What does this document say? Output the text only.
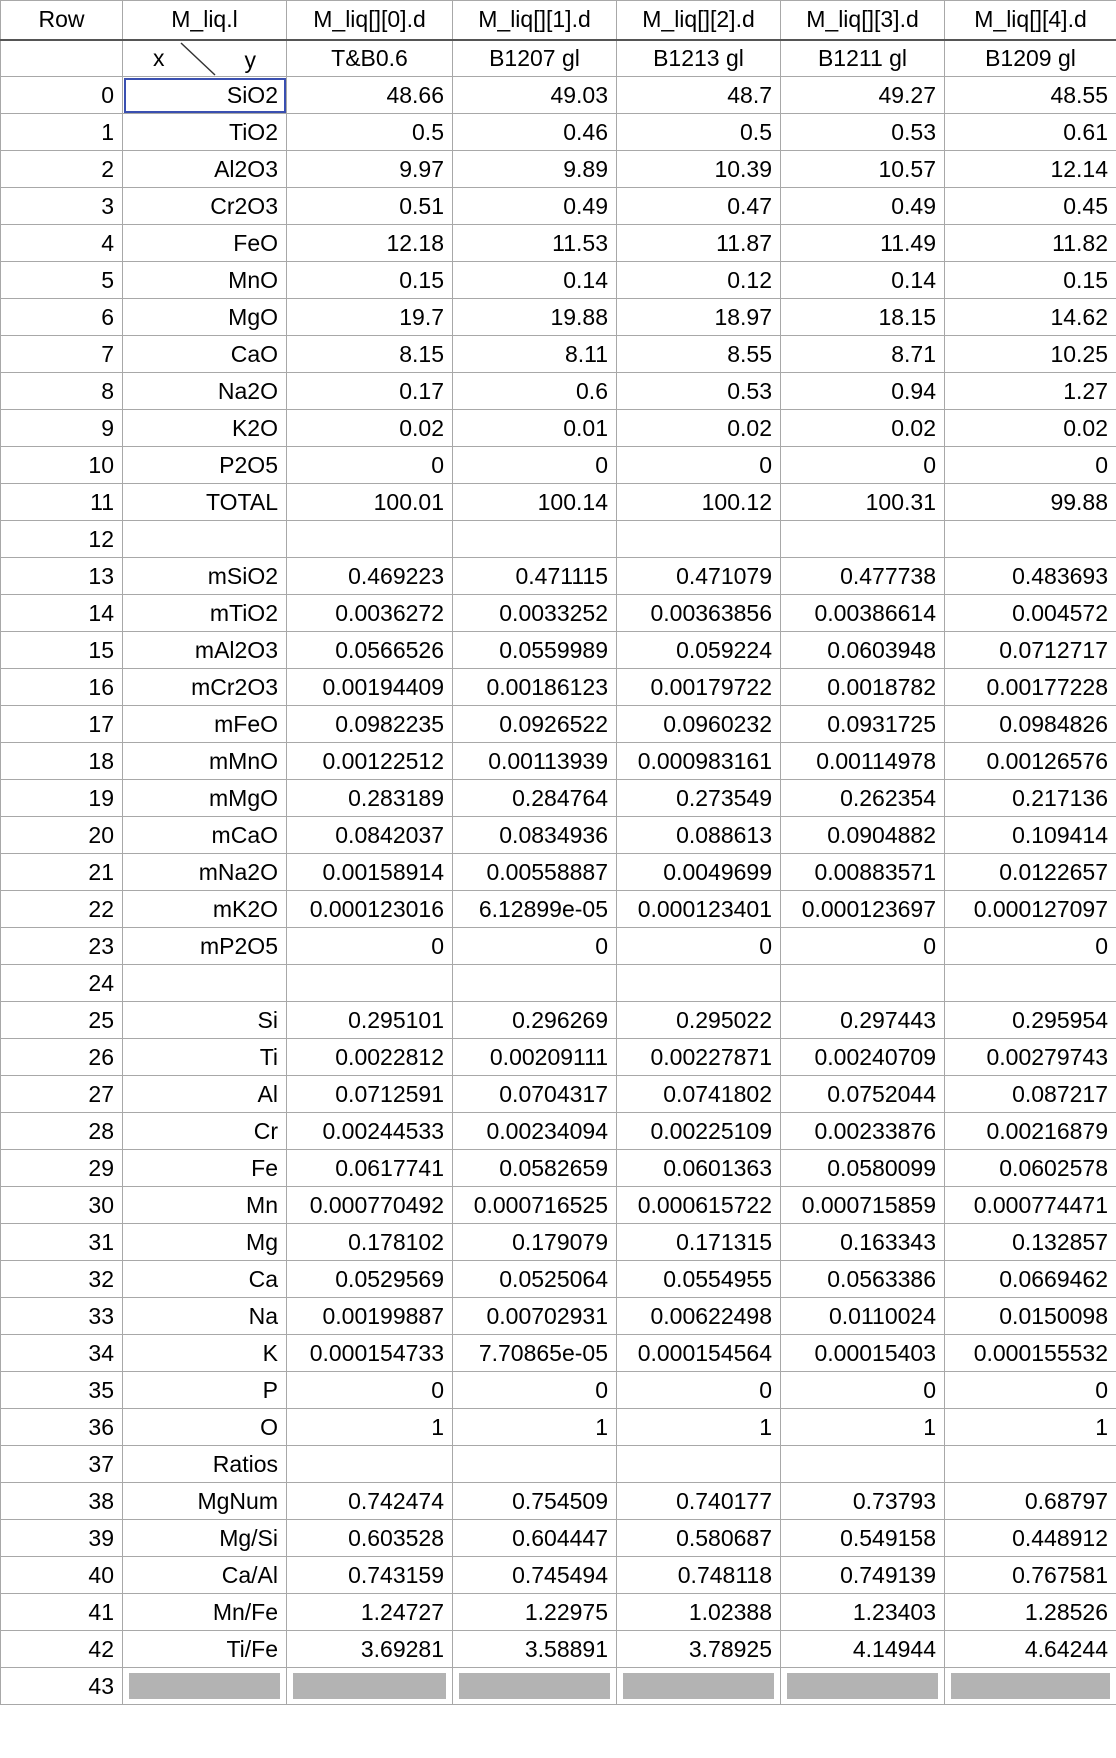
Row	M_liq.l	M_liq[][0].d	M_liq[][1].d	M_liq[][2].d	M_liq[][3].d	M_liq[][4].d

	x y	T&B0.6	B1207 gl	B1213 gl	B1211 gl	B1209 gl
0	SiO2	48.66	49.03	48.7	49.27	48.55
1	TiO2	0.5	0.46	0.5	0.53	0.61
2	Al2O3	9.97	9.89	10.39	10.57	12.14
3	Cr2O3	0.51	0.49	0.47	0.49	0.45
4	FeO	12.18	11.53	11.87	11.49	11.82
5	MnO	0.15	0.14	0.12	0.14	0.15
6	MgO	19.7	19.88	18.97	18.15	14.62
7	CaO	8.15	8.11	8.55	8.71	10.25
8	Na2O	0.17	0.6	0.53	0.94	1.27
9	K2O	0.02	0.01	0.02	0.02	0.02
10	P2O5	0	0	0	0	0
11	TOTAL	100.01	100.14	100.12	100.31	99.88
12						
13	mSiO2	0.469223	0.471115	0.471079	0.477738	0.483693
14	mTiO2	0.0036272	0.0033252	0.00363856	0.00386614	0.004572
15	mAl2O3	0.0566526	0.0559989	0.059224	0.0603948	0.0712717
16	mCr2O3	0.00194409	0.00186123	0.00179722	0.0018782	0.00177228
17	mFeO	0.0982235	0.0926522	0.0960232	0.0931725	0.0984826
18	mMnO	0.00122512	0.00113939	0.000983161	0.00114978	0.00126576
19	mMgO	0.283189	0.284764	0.273549	0.262354	0.217136
20	mCaO	0.0842037	0.0834936	0.088613	0.0904882	0.109414
21	mNa2O	0.00158914	0.00558887	0.0049699	0.00883571	0.0122657
22	mK2O	0.000123016	6.12899e-05	0.000123401	0.000123697	0.000127097
23	mP2O5	0	0	0	0	0
24						
25	Si	0.295101	0.296269	0.295022	0.297443	0.295954
26	Ti	0.0022812	0.00209111	0.00227871	0.00240709	0.00279743
27	Al	0.0712591	0.0704317	0.0741802	0.0752044	0.087217
28	Cr	0.00244533	0.00234094	0.00225109	0.00233876	0.00216879
29	Fe	0.0617741	0.0582659	0.0601363	0.0580099	0.0602578
30	Mn	0.000770492	0.000716525	0.000615722	0.000715859	0.000774471
31	Mg	0.178102	0.179079	0.171315	0.163343	0.132857
32	Ca	0.0529569	0.0525064	0.0554955	0.0563386	0.0669462
33	Na	0.00199887	0.00702931	0.00622498	0.0110024	0.0150098
34	K	0.000154733	7.70865e-05	0.000154564	0.00015403	0.000155532
35	P	0	0	0	0	0
36	O	1	1	1	1	1
37	Ratios					
38	MgNum	0.742474	0.754509	0.740177	0.73793	0.68797
39	Mg/Si	0.603528	0.604447	0.580687	0.549158	0.448912
40	Ca/Al	0.743159	0.745494	0.748118	0.749139	0.767581
41	Mn/Fe	1.24727	1.22975	1.02388	1.23403	1.28526
42	Ti/Fe	3.69281	3.58891	3.78925	4.14944	4.64244
43	
